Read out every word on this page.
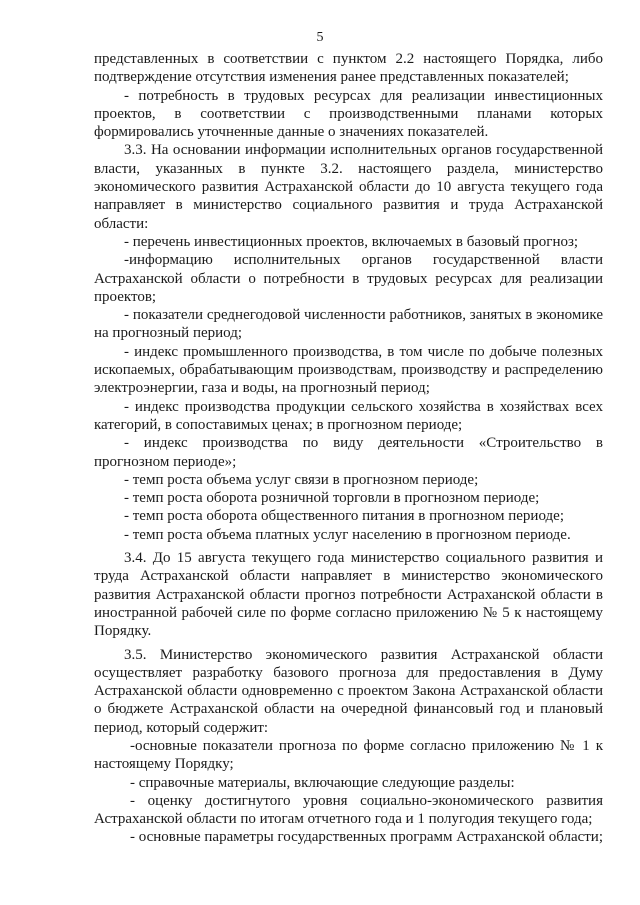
5

представленных в соответствии с пунктом 2.2 настоящего Порядка, либо подтверждение отсутствия изменения ранее представленных показателей;

- потребность в трудовых ресурсах для реализации инвестиционных проектов, в соответствии с производственными планами которых формировались уточненные данные о значениях показателей.

3.3. На основании информации исполнительных органов государственной власти, указанных в пункте 3.2. настоящего раздела, министерство экономического развития Астраханской области до 10 августа текущего года направляет в министерство социального развития и труда Астраханской области:

- перечень инвестиционных проектов, включаемых в базовый прогноз;

-информацию исполнительных органов государственной власти Астраханской области о потребности в трудовых ресурсах для реализации проектов;

- показатели среднегодовой численности работников, занятых в экономике на прогнозный период;

- индекс промышленного производства, в том числе по добыче полезных ископаемых, обрабатывающим производствам, производству и распределению электроэнергии, газа и воды, на прогнозный период;

- индекс производства продукции сельского хозяйства в хозяйствах всех категорий, в сопоставимых ценах; в прогнозном периоде;

- индекс производства по виду деятельности «Строительство в прогнозном периоде»;

- темп роста объема услуг связи в прогнозном периоде;

- темп роста оборота розничной торговли в прогнозном периоде;

- темп роста оборота общественного питания в прогнозном периоде;

- темп роста объема платных услуг населению в прогнозном периоде.

3.4. До 15 августа текущего года министерство социального развития и труда Астраханской области направляет в министерство экономического развития Астраханской области прогноз потребности Астраханской области в иностранной рабочей силе по форме согласно приложению № 5 к настоящему Порядку.

3.5. Министерство экономического развития Астраханской области осуществляет разработку базового прогноза для предоставления в Думу Астраханской области одновременно с проектом Закона Астраханской области о бюджете Астраханской области на очередной финансовый год и плановый период, который содержит:

-основные показатели прогноза по форме согласно приложению № 1 к настоящему Порядку;

- справочные материалы, включающие следующие разделы:

- оценку достигнутого уровня социально-экономического развития Астраханской области по итогам отчетного года и 1 полугодия текущего года;

- основные параметры государственных программ Астраханской области;
